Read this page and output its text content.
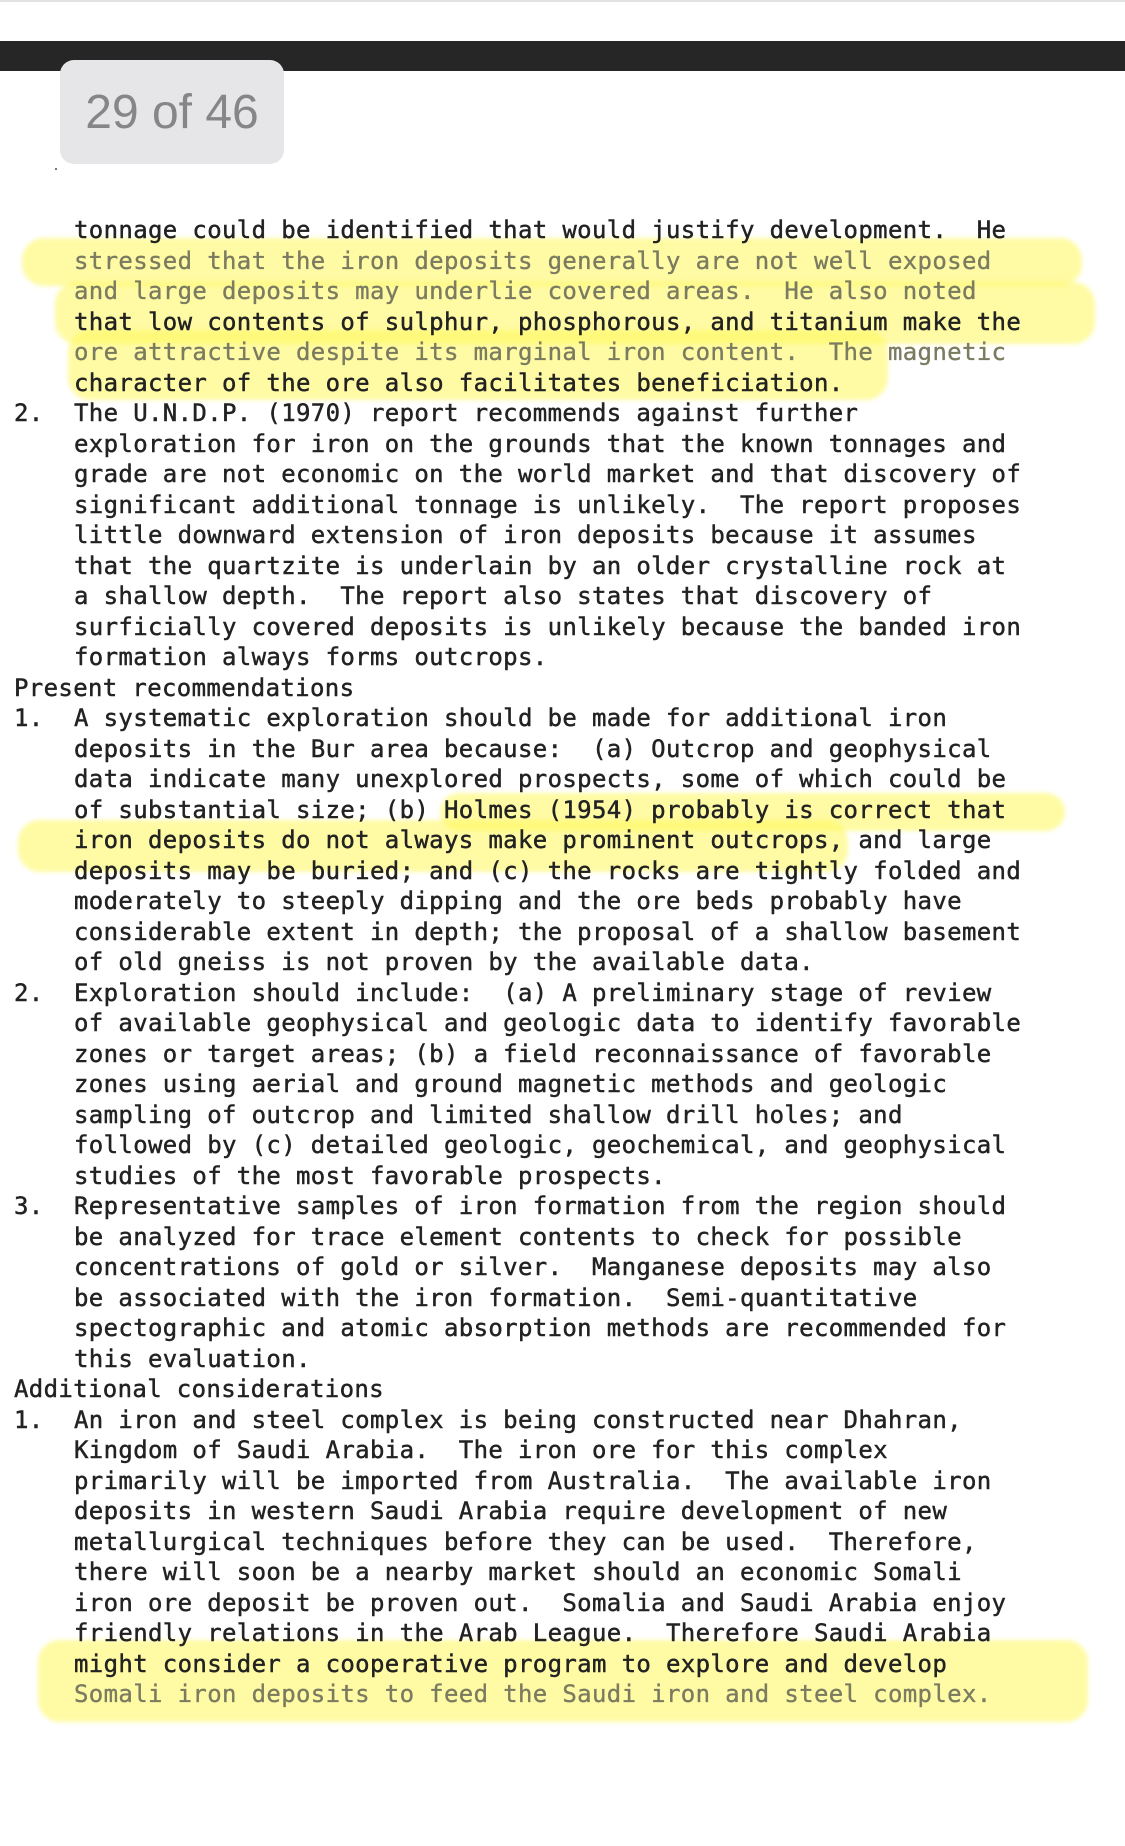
29 of 46
tonnage could be identified that would justify development.  He
stressed that the iron deposits generally are not well exposed
and large deposits may underlie covered areas.  He also noted
that low contents of sulphur, phosphorous, and titanium make the
ore attractive despite its marginal iron content.  The magnetic
character of the ore also facilitates beneficiation.
2. The U.N.D.P. (1970) report recommends against further
exploration for iron on the grounds that the known tonnages and
grade are not economic on the world market and that discovery of
significant additional tonnage is unlikely.  The report proposes
little downward extension of iron deposits because it assumes
that the quartzite is underlain by an older crystalline rock at
a shallow depth.  The report also states that discovery of
surficially covered deposits is unlikely because the banded iron
formation always forms outcrops.
Present recommendations
1. A systematic exploration should be made for additional iron
deposits in the Bur area because:  (a) Outcrop and geophysical
data indicate many unexplored prospects, some of which could be
of substantial size; (b) Holmes (1954) probably is correct that
iron deposits do not always make prominent outcrops, and large
deposits may be buried; and (c) the rocks are tightly folded and
moderately to steeply dipping and the ore beds probably have
considerable extent in depth; the proposal of a shallow basement
of old gneiss is not proven by the available data.
2. Exploration should include:  (a) A preliminary stage of review
of available geophysical and geologic data to identify favorable
zones or target areas; (b) a field reconnaissance of favorable
zones using aerial and ground magnetic methods and geologic
sampling of outcrop and limited shallow drill holes; and
followed by (c) detailed geologic, geochemical, and geophysical
studies of the most favorable prospects.
3. Representative samples of iron formation from the region should
be analyzed for trace element contents to check for possible
concentrations of gold or silver.  Manganese deposits may also
be associated with the iron formation.  Semi-quantitative
spectographic and atomic absorption methods are recommended for
this evaluation.
Additional considerations
1. An iron and steel complex is being constructed near Dhahran,
Kingdom of Saudi Arabia.  The iron ore for this complex
primarily will be imported from Australia.  The available iron
deposits in western Saudi Arabia require development of new
metallurgical techniques before they can be used.  Therefore,
there will soon be a nearby market should an economic Somali
iron ore deposit be proven out.  Somalia and Saudi Arabia enjoy
friendly relations in the Arab League.  Therefore Saudi Arabia
might consider a cooperative program to explore and develop
Somali iron deposits to feed the Saudi iron and steel complex.
